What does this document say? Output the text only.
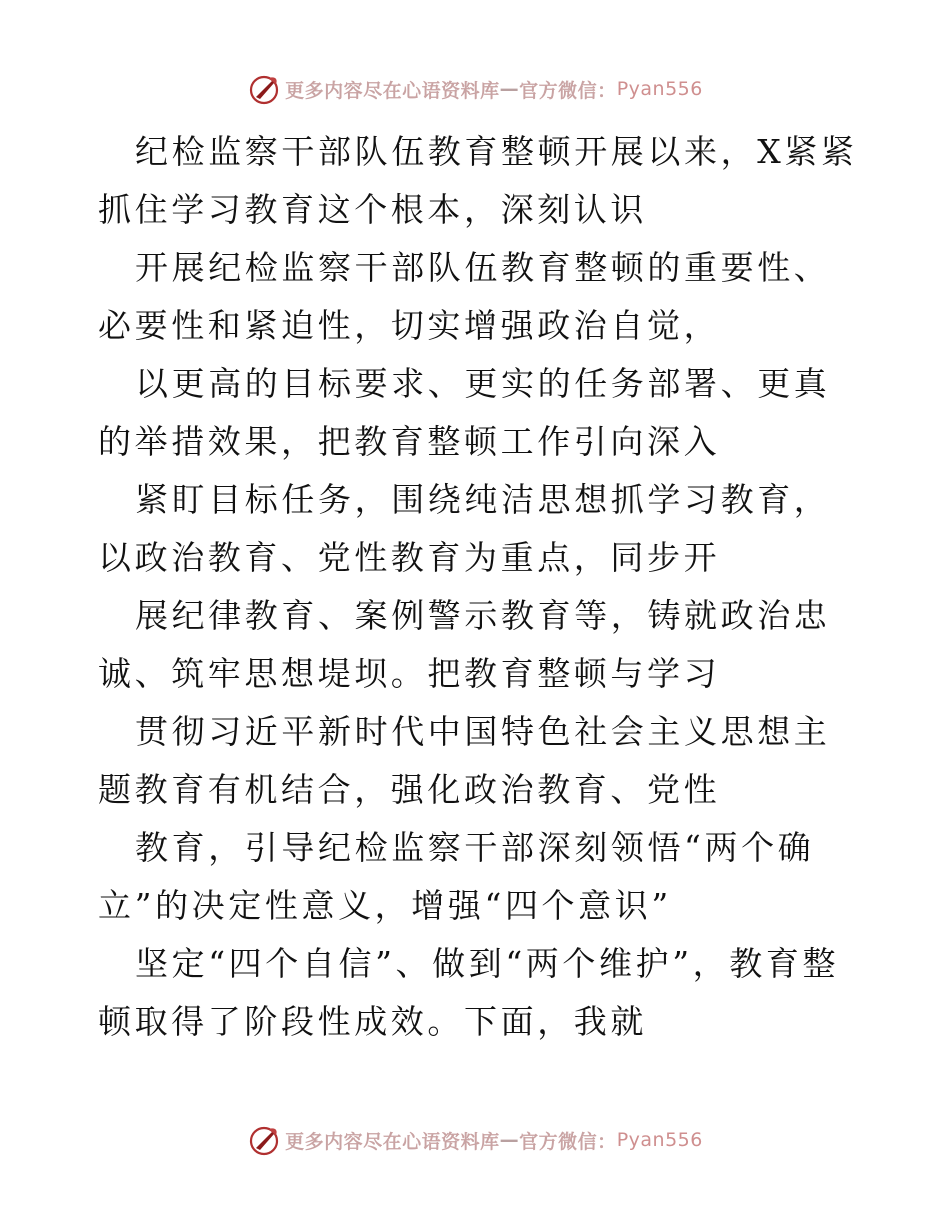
更多内容尽在心语资料库 — 官方微信： Pyan556

纪检监察干部队伍教育整顿开展以来，X紧紧抓住学习教育这个根本，深刻认识

开展纪检监察干部队伍教育整顿的重要性、必要性和紧迫性，切实增强政治自觉，

以更高的目标要求、更实的任务部署、更真的举措效果，把教育整顿工作引向深入

紧盯目标任务，围绕纯洁思想抓学习教育，以政治教育、党性教育为重点，同步开

展纪律教育、案例警示教育等，铸就政治忠诚、筑牢思想堤坝。把教育整顿与学习

贯彻习近平新时代中国特色社会主义思想主题教育有机结合，强化政治教育、党性

教育，引导纪检监察干部深刻领悟“两个确立”的决定性意义，增强“四个意识”

坚定“四个自信”、做到“两个维护”，教育整顿取得了阶段性成效。下面，我就

更多内容尽在心语资料库 — 官方微信： Pyan556
